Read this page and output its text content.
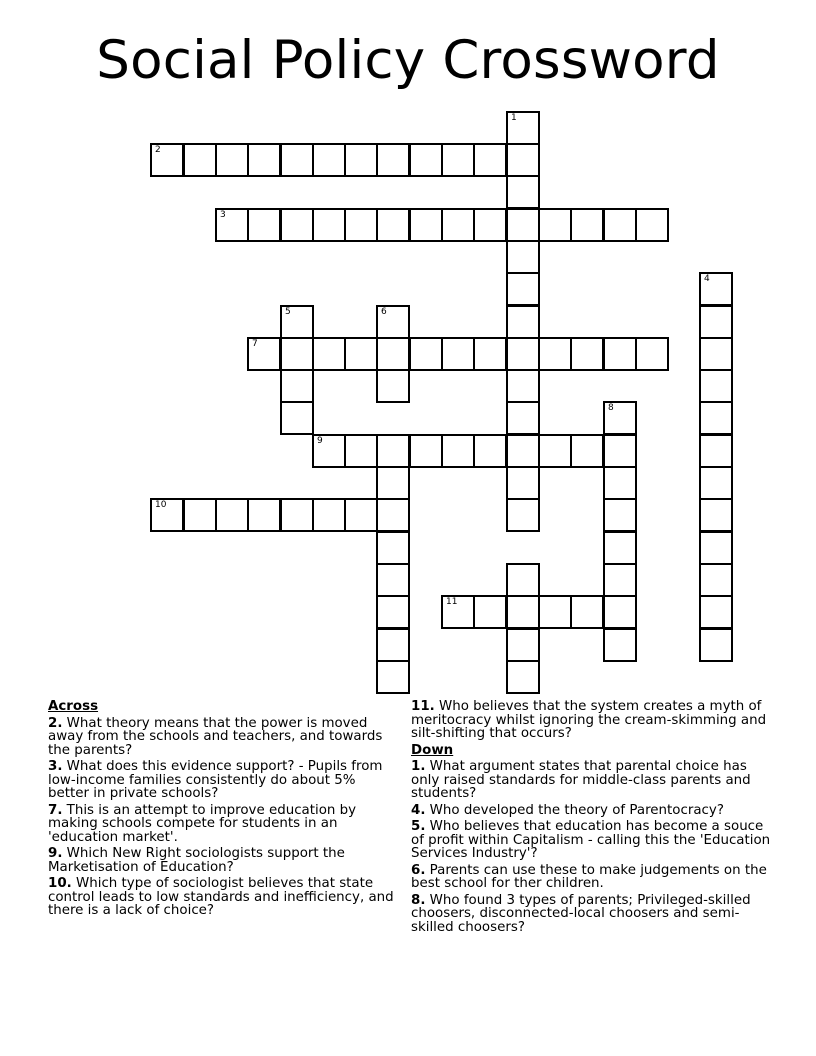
Social Policy Crossword
2
1
3
7
5	6
9
10
11
8
4
Across
2. What theory means that the power is moved away from the schools and teachers, and towards the parents?
3. What does this evidence support? - Pupils from low-income families consistently do about 5% better in private schools?
7. This is an attempt to improve education by making schools compete for students in an 'education market'.
9. Which New Right sociologists support the Marketisation of Education?
10. Which type of sociologist believes that state control leads to low standards and inefficiency, and there is a lack of choice?
11. Who believes that the system creates a myth of meritocracy whilst ignoring the cream-skimming and silt-shifting that occurs?
Down
1. What argument states that parental choice has only raised standards for middle-class parents and students?
4. Who developed the theory of Parentocracy?
5. Who believes that education has become a souce of profit within Capitalism - calling this the 'Education Services Industry'?
6. Parents can use these to make judgements on the best school for ther children.
8. Who found 3 types of parents; Privileged-skilled choosers, disconnected-local choosers and semi-skilled choosers?
